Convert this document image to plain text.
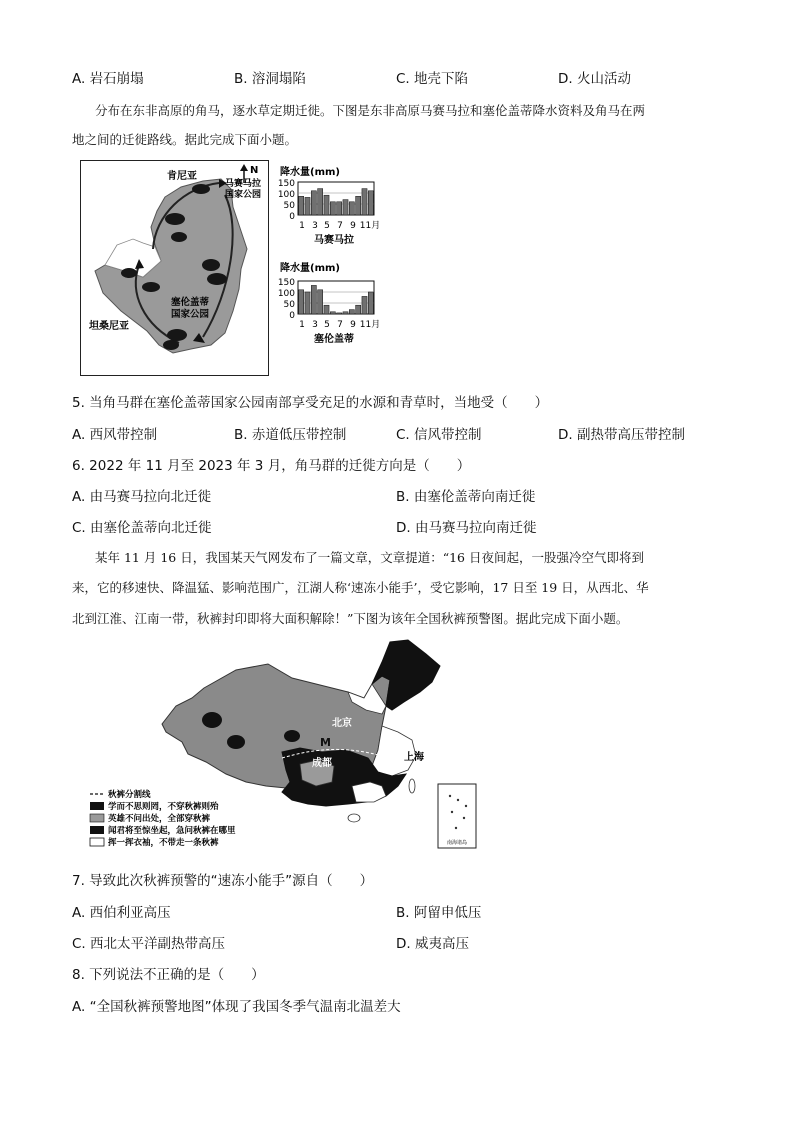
A. 岩石崩塌	B. 溶洞塌陷	C. 地壳下陷	D. 火山活动
分布在东非高原的角马，逐水草定期迁徙。下图是东非高原马赛马拉和塞伦盖蒂降水资料及角马在两
地之间的迁徙路线。据此完成下面小题。
N
肯尼亚
马赛马拉
国家公园
塞伦盖蒂
国家公园
坦桑尼亚
降水量(mm)
150
100
50
0
1 3 5 7 9 11月
马赛马拉
降水量(mm)
150
100
50
0
1 3 5 7 9 11月
塞伦盖蒂
5. 当角马群在塞伦盖蒂国家公园南部享受充足的水源和青草时，当地受（　　）
A. 西风带控制	B. 赤道低压带控制	C. 信风带控制	D. 副热带高压带控制
6. 2022 年 11 月至 2023 年 3 月，角马群的迁徙方向是（　　）
A. 由马赛马拉向北迁徙	B. 由塞伦盖蒂向南迁徙
C. 由塞伦盖蒂向北迁徙	D. 由马赛马拉向南迁徙
某年 11 月 16 日，我国某天气网发布了一篇文章，文章提道：“16 日夜间起，一股强冷空气即将到
来，它的移速快、降温猛、影响范围广，江湖人称‘速冻小能手’，受它影响，17 日至 19 日，从西北、华
北到江淮、江南一带，秋裤封印即将大面积解除！”下图为该年全国秋裤预警图。据此完成下面小题。
北京
上海
成都
M
南海诸岛
秋裤分割线
学而不思则罔，不穿秋裤则殆
英雄不问出处，全部穿秋裤
闻君将至惊坐起，急问秋裤在哪里
挥一挥衣袖，不带走一条秋裤
7. 导致此次秋裤预警的“速冻小能手”源自（　　）
A. 西伯利亚高压	B. 阿留申低压
C. 西北太平洋副热带高压	D. 威夷高压
8. 下列说法不正确的是（　　）
A. “全国秋裤预警地图”体现了我国冬季气温南北温差大
